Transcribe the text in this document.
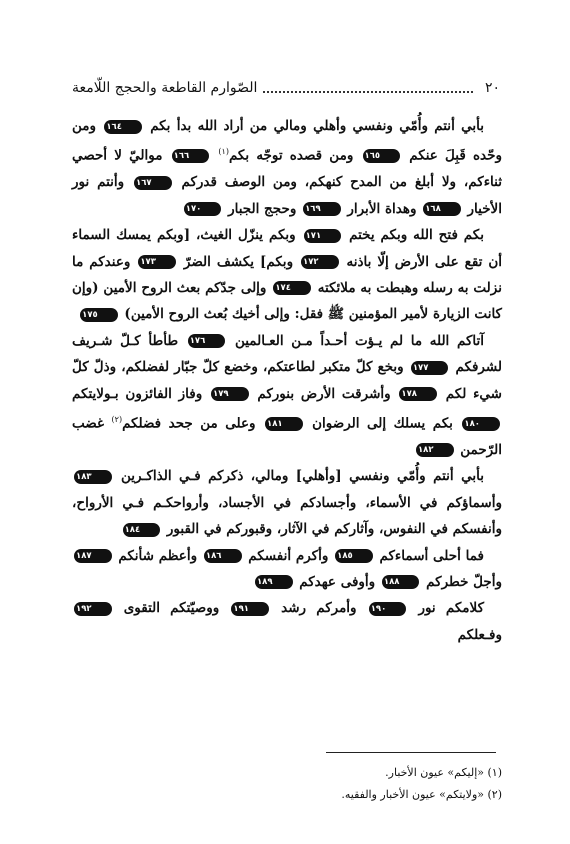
٢٠
الصّوارم القاطعة والحجج اللّامعة
بأبي أنتم وأُمّي ونفسي وأهلي ومالي من أراد الله بدأ بكم ١٦٤ ومن وحّده قَبِلَ عنكم ١٦٥ ومن قصده توجّه بكم$^{(١)}$ ١٦٦ مواليّ لا أحصي ثناءكم، ولا أبلغ من المدح كنهكم، ومن الوصف قدركم ١٦٧ وأنتم نور الأخيار ١٦٨ وهداة الأبرار ١٦٩ وحجج الجبار ١٧٠
بكم فتح الله وبكم يختم ١٧١ وبكم ينزّل الغيث، [وبكم يمسك السماء أن تقع على الأرض إلّا باذنه ١٧٢ وبكم] يكشف الضرّ ١٧٣ وعندكم ما نزلت به رسله وهبطت به ملائكته ١٧٤ وإلى جدّكم بعث الروح الأمين (وإن كانت الزيارة لأمير المؤمنين ﷺ فقل: وإلى أخيك بُعث الروح الأمين) ١٧٥
آتاكم الله ما لم يـؤت أحـداً مـن العـالمين ١٧٦ طأطأ كـلّ شـريف لشرفكم ١٧٧ وبخع كلّ متكبر لطاعتكم، وخضع كلّ جبّار لفضلكم، وذلّ كلّ شيء لكم ١٧٨ وأشرقت الأرض بنوركم ١٧٩ وفاز الفائزون بـولايتكم ١٨٠ بكم يسلك إلى الرضوان ١٨١ وعلى من جحد فضلكم$^{(٢)}$ غضب الرّحمن ١٨٢
بأبي أنتم وأُمّي ونفسي [وأهلي] ومالي، ذكركم فـي الذاكـرين ١٨٣ وأسماؤكم في الأسماء، وأجسادكم في الأجساد، وأرواحكـم فـي الأرواح، وأنفسكم في النفوس، وآثاركم في الآثار، وقبوركم في القبور ١٨٤
فما أحلى أسماءكم ١٨٥ وأكرم أنفسكم ١٨٦ وأعظم شأنكم ١٨٧ وأجلّ خطركم ١٨٨ وأوفى عهدكم ١٨٩
كلامكم نور ١٩٠ وأمركم رشد ١٩١ ووصيّتكم التقوى ١٩٢ وفـعلكم
(١) «إليكم» عيون الأخبار.
(٢) «ولايتكم» عيون الأخبار والفقيه.
